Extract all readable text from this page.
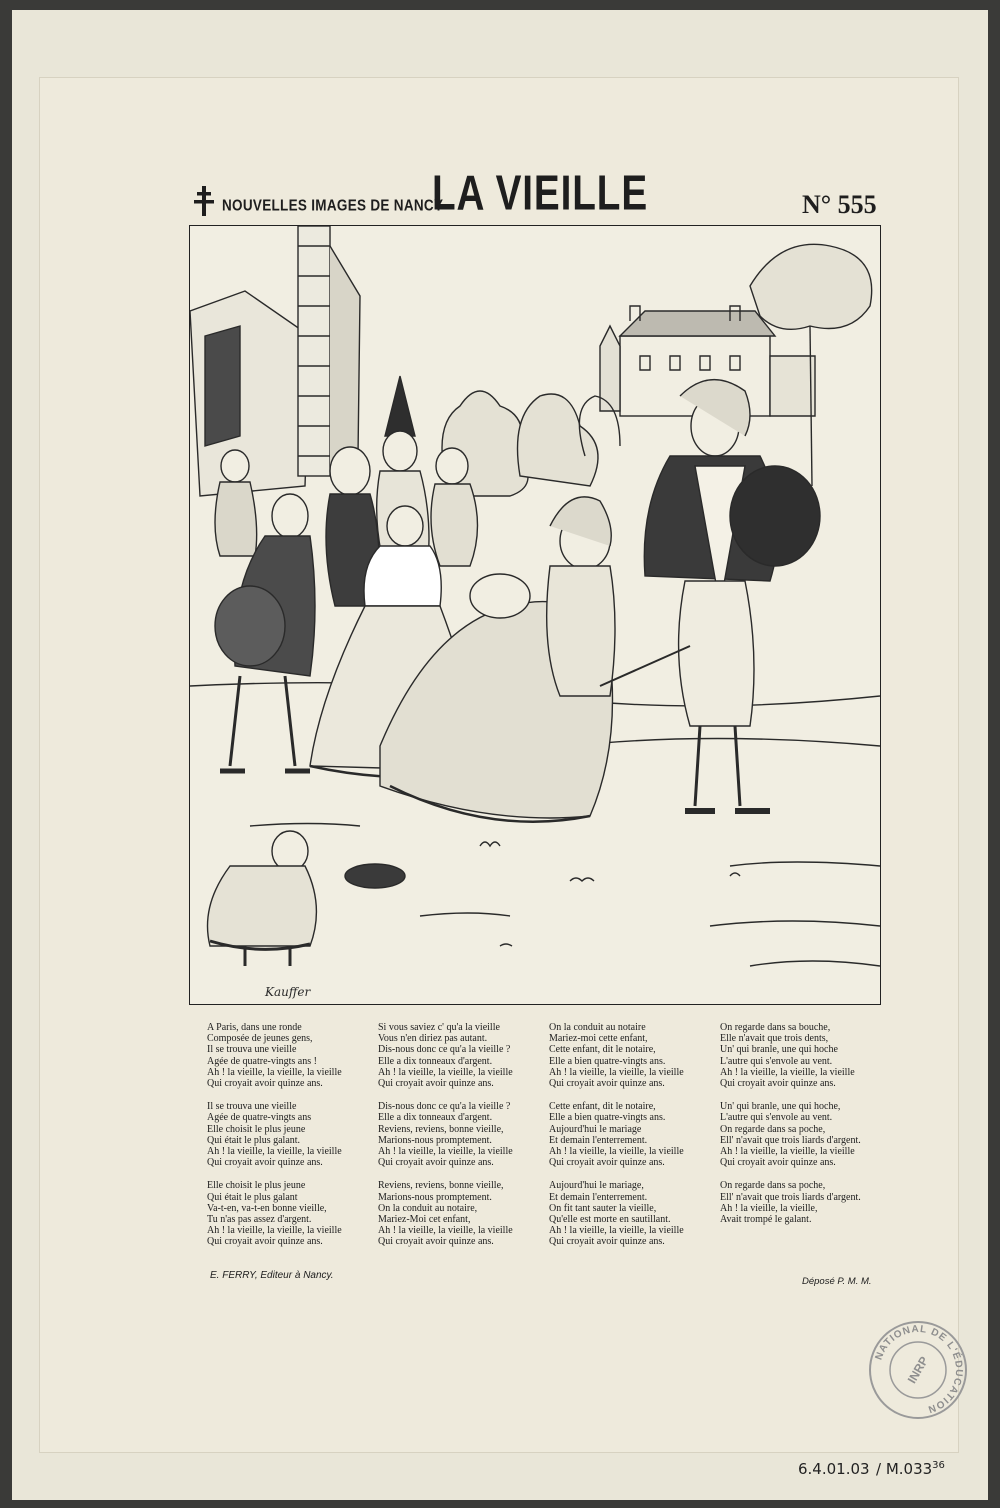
NOUVELLES IMAGES DE NANCY
LA VIEILLE	N° 555
Kauffer
A Paris, dans une ronde
Composée de jeunes gens,
Il se trouva une vieille
Agée de quatre-vingts ans !
Ah ! la vieille, la vieille, la vieille
Qui croyait avoir quinze ans.
Il se trouva une vieille
Agée de quatre-vingts ans
Elle choisit le plus jeune
Qui était le plus galant.
Ah ! la vieille, la vieille, la vieille
Qui croyait avoir quinze ans.
Elle choisit le plus jeune
Qui était le plus galant
Va-t-en, va-t-en bonne vieille,
Tu n'as pas assez d'argent.
Ah ! la vieille, la vieille, la vieille
Qui croyait avoir quinze ans.
Si vous saviez c' qu'a la vieille
Vous n'en diriez pas autant.
Dis-nous donc ce qu'a la vieille ?
Elle a dix tonneaux d'argent.
Ah ! la vieille, la vieille, la vieille
Qui croyait avoir quinze ans.
Dis-nous donc ce qu'a la vieille ?
Elle a dix tonneaux d'argent.
Reviens, reviens, bonne vieille,
Marions-nous promptement.
Ah ! la vieille, la vieille, la vieille
Qui croyait avoir quinze ans.
Reviens, reviens, bonne vieille,
Marions-nous promptement.
On la conduit au notaire,
Mariez-Moi cet enfant,
Ah ! la vieille, la vieille, la vieille
Qui croyait avoir quinze ans.
On la conduit au notaire
Mariez-moi cette enfant,
Cette enfant, dit le notaire,
Elle a bien quatre-vingts ans.
Ah ! la vieille, la vieille, la vieille
Qui croyait avoir quinze ans.
Cette enfant, dit le notaire,
Elle a bien quatre-vingts ans.
Aujourd'hui le mariage
Et demain l'enterrement.
Ah ! la vieille, la vieille, la vieille
Qui croyait avoir quinze ans.
Aujourd'hui le mariage,
Et demain l'enterrement.
On fit tant sauter la vieille,
Qu'elle est morte en sautillant.
Ah ! la vieille, la vieille, la vieille
Qui croyait avoir quinze ans.
On regarde dans sa bouche,
Elle n'avait que trois dents,
Un' qui branle, une qui hoche
L'autre qui s'envole au vent.
Ah ! la vieille, la vieille, la vieille
Qui croyait avoir quinze ans.
Un' qui branle, une qui hoche,
L'autre qui s'envole au vent.
On regarde dans sa poche,
Ell' n'avait que trois liards d'argent.
Ah ! la vieille, la vieille, la vieille
Qui croyait avoir quinze ans.
On regarde dans sa poche,
Ell' n'avait que trois liards d'argent.
Ah ! la vieille, la vieille,
Avait trompé le galant.
E. FERRY, Editeur à Nancy.
Déposé P. M. M.
NATIONAL DE L'ÉDUCATION
INRP
6.4.01.03 / M.033$^{36}$
